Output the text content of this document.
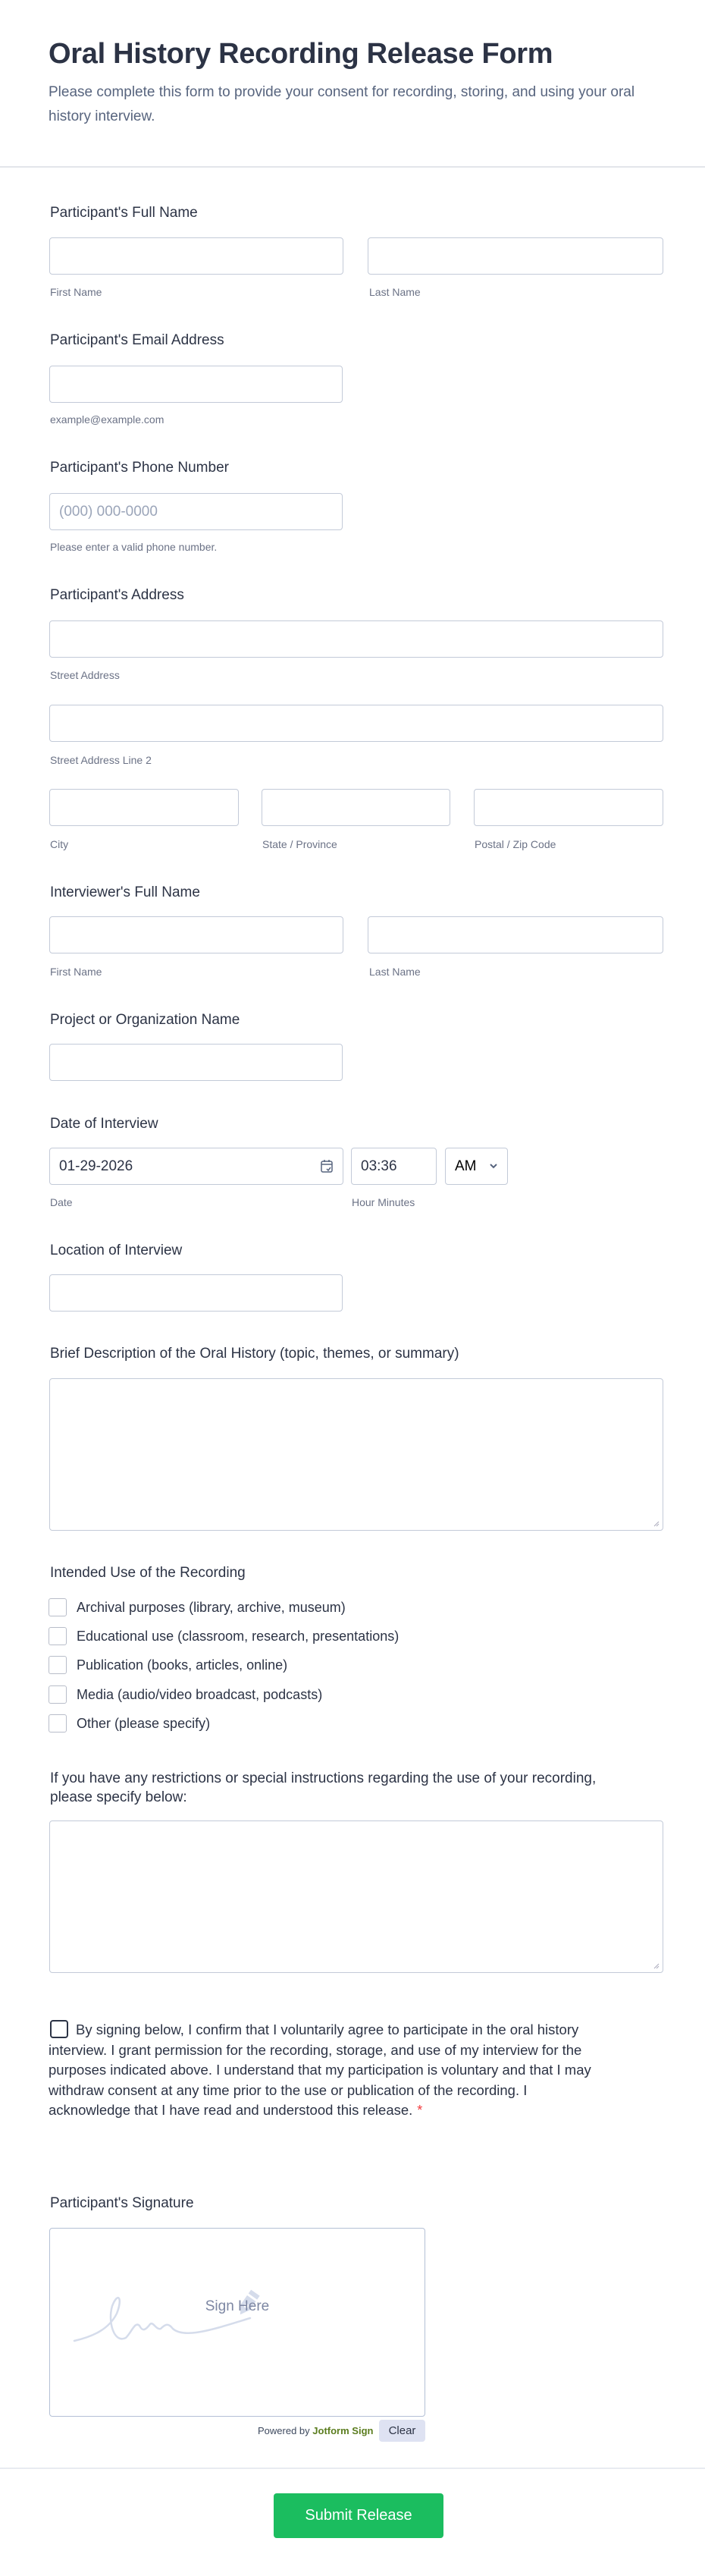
Oral History Recording Release Form

Please complete this form to provide your consent for recording, storing, and using your oral history interview.

Participant's Full Name
First Name	Last Name
Participant's Email Address
example@example.com
Participant's Phone Number
(000) 000-0000
Please enter a valid phone number.
Participant's Address
Street Address
Street Address Line 2
City	State / Province	Postal / Zip Code
Interviewer's Full Name
First Name	Last Name
Project or Organization Name
Date of Interview
01-29-2026	03:36	AM
Date	Hour Minutes
Location of Interview
Brief Description of the Oral History (topic, themes, or summary)
Intended Use of the Recording
Archival purposes (library, archive, museum)
Educational use (classroom, research, presentations)
Publication (books, articles, online)
Media (audio/video broadcast, podcasts)
Other (please specify)
If you have any restrictions or special instructions regarding the use of your recording, please specify below:
By signing below, I confirm that I voluntarily agree to participate in the oral history interview. I grant permission for the recording, storage, and use of my interview for the purposes indicated above. I understand that my participation is voluntary and that I may withdraw consent at any time prior to the use or publication of the recording. I acknowledge that I have read and understood this release. *
Participant's Signature
Sign Here
Powered by Jotform Sign	Clear
Submit Release
